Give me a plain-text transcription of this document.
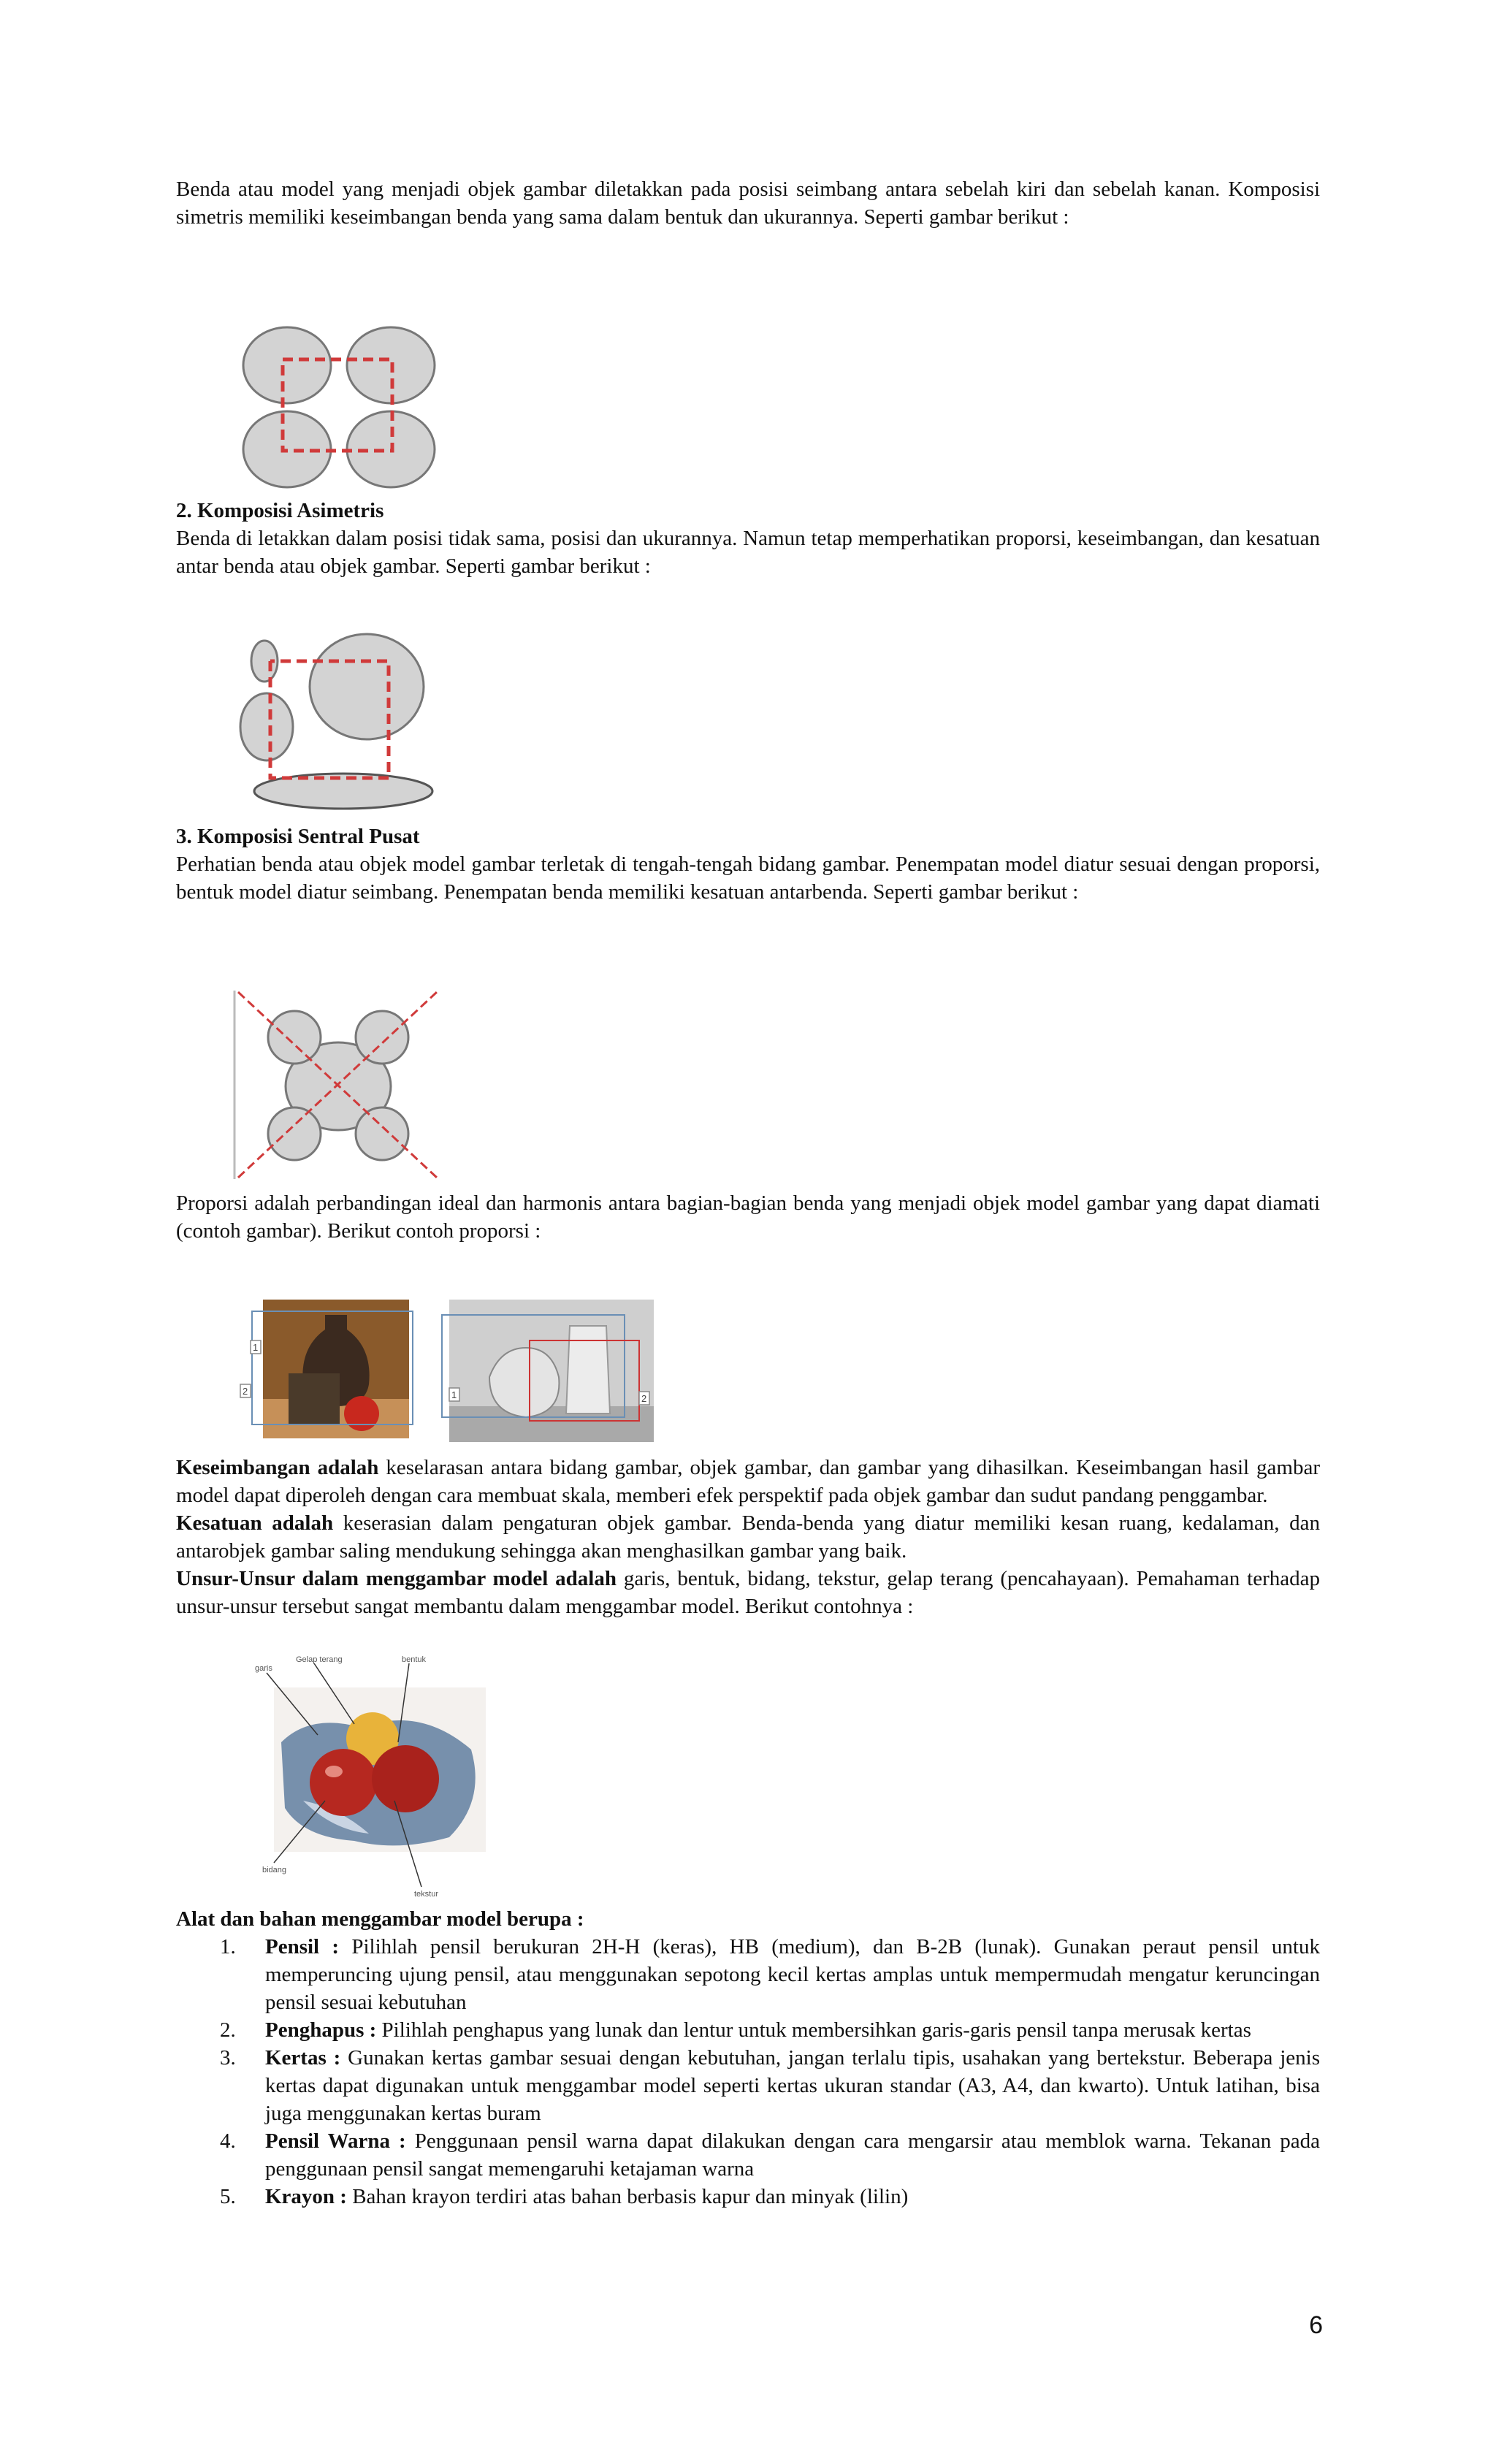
Benda atau model yang menjadi objek gambar diletakkan pada posisi seimbang antara sebelah kiri dan sebelah kanan. Komposisi simetris memiliki keseimbangan benda yang sama dalam bentuk dan ukurannya. Seperti gambar berikut :
2. Komposisi Asimetris
Benda di letakkan dalam posisi tidak sama, posisi dan ukurannya. Namun tetap memperhatikan proporsi, keseimbangan, dan kesatuan antar benda atau objek gambar. Seperti gambar berikut :
3. Komposisi Sentral Pusat
Perhatian benda atau objek model gambar terletak di tengah-tengah bidang gambar. Penempatan model diatur sesuai dengan proporsi, bentuk model diatur seimbang. Penempatan benda memiliki kesatuan antarbenda. Seperti gambar berikut :
Proporsi adalah perbandingan ideal dan harmonis antara bagian-bagian benda yang menjadi objek model gambar yang dapat diamati (contoh gambar). Berikut contoh proporsi :
1
2	1	2
Keseimbangan adalah keselarasan antara bidang gambar, objek gambar, dan gambar yang dihasilkan. Keseimbangan hasil gambar model dapat diperoleh dengan cara membuat skala, memberi efek perspektif pada objek gambar dan sudut pandang penggambar.
Kesatuan adalah keserasian dalam pengaturan objek gambar. Benda-benda yang diatur memiliki kesan ruang, kedalaman, dan antarobjek gambar saling mendukung sehingga akan menghasilkan gambar yang baik.
Unsur-Unsur dalam menggambar model adalah garis, bentuk, bidang, tekstur, gelap terang (pencahayaan). Pemahaman terhadap unsur-unsur tersebut sangat membantu dalam menggambar model. Berikut contohnya :
garis
Gelap terang	bentuk
bidang
tekstur
Alat dan bahan menggambar model berupa :
1. Pensil : Pilihlah pensil berukuran 2H-H (keras), HB (medium), dan B-2B (lunak). Gunakan peraut pensil untuk memperuncing ujung pensil, atau menggunakan sepotong kecil kertas amplas untuk mempermudah mengatur keruncingan pensil sesuai kebutuhan
2. Penghapus : Pilihlah penghapus yang lunak dan lentur untuk membersihkan garis-garis pensil tanpa merusak kertas
3. Kertas : Gunakan kertas gambar sesuai dengan kebutuhan, jangan terlalu tipis, usahakan yang bertekstur. Beberapa jenis kertas dapat digunakan untuk menggambar model seperti kertas ukuran standar (A3, A4, dan kwarto). Untuk latihan, bisa juga menggunakan kertas buram
4. Pensil Warna : Penggunaan pensil warna dapat dilakukan dengan cara mengarsir atau memblok warna. Tekanan pada penggunaan pensil sangat memengaruhi ketajaman warna
5. Krayon : Bahan krayon terdiri atas bahan berbasis kapur dan minyak (lilin)
6
